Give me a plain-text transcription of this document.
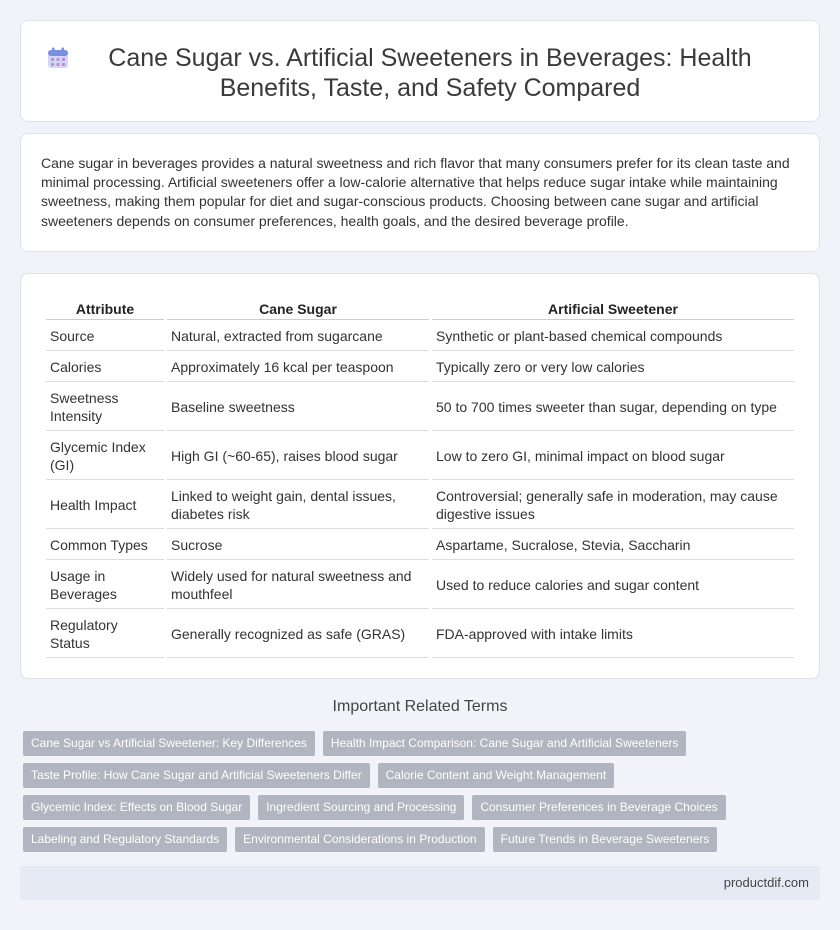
Cane Sugar vs. Artificial Sweeteners in Beverages: Health Benefits, Taste, and Safety Compared

Cane sugar in beverages provides a natural sweetness and rich flavor that many consumers prefer for its clean taste and minimal processing. Artificial sweeteners offer a low-calorie alternative that helps reduce sugar intake while maintaining sweetness, making them popular for diet and sugar-conscious products. Choosing between cane sugar and artificial sweeteners depends on consumer preferences, health goals, and the desired beverage profile.

Attribute	Cane Sugar	Artificial Sweetener
Source	Natural, extracted from sugarcane	Synthetic or plant-based chemical compounds
Calories	Approximately 16 kcal per teaspoon	Typically zero or very low calories
Sweetness Intensity	Baseline sweetness	50 to 700 times sweeter than sugar, depending on type
Glycemic Index (GI)	High GI (~60-65), raises blood sugar	Low to zero GI, minimal impact on blood sugar
Health Impact	Linked to weight gain, dental issues, diabetes risk	Controversial; generally safe in moderation, may cause digestive issues
Common Types	Sucrose	Aspartame, Sucralose, Stevia, Saccharin
Usage in Beverages	Widely used for natural sweetness and mouthfeel	Used to reduce calories and sugar content
Regulatory Status	Generally recognized as safe (GRAS)	FDA-approved with intake limits
Important Related Terms
Cane Sugar vs Artificial Sweetener: Key Differences	Health Impact Comparison: Cane Sugar and Artificial Sweeteners
Taste Profile: How Cane Sugar and Artificial Sweeteners Differ	Calorie Content and Weight Management
Glycemic Index: Effects on Blood Sugar	Ingredient Sourcing and Processing	Consumer Preferences in Beverage Choices
Labeling and Regulatory Standards	Environmental Considerations in Production	Future Trends in Beverage Sweeteners
productdif.com
